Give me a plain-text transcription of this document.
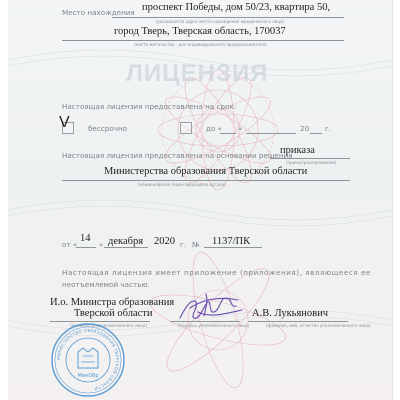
ЛИЦЕНЗИЯ
Место нахождения проспект Победы, дом 50/23, квартира 50,
(указывается адрес места нахождения юридического лица)
город Тверь, Тверская область, 170037
(место жительства - для индивидуального предпринимателя)
Настоящая лицензия предоставлена на срок:
V	бессрочно	до « »	20 г.
Настоящая лицензия предоставлена на основании решения
приказа
(приказ/распоряжение)
Министерства образования Тверской области
(наименование лицензирующего органа)
от «
14
» декабря 2020 г. № 1137/ПК
Настоящая лицензия имеет приложение (приложения), являющееся ее
неотъемлемой частью.
И.о. Министра образования
Тверской области
(должность уполномоченного лица)	(подпись уполномоченного лица)
А.В. Лукьянович
(фамилия, имя, отчество уполномоченного лица)
МИНИСТЕРСТВО ОБРАЗОВАНИЯ ТВЕРСКОЙ ОБЛАСТИ
МинОбр
